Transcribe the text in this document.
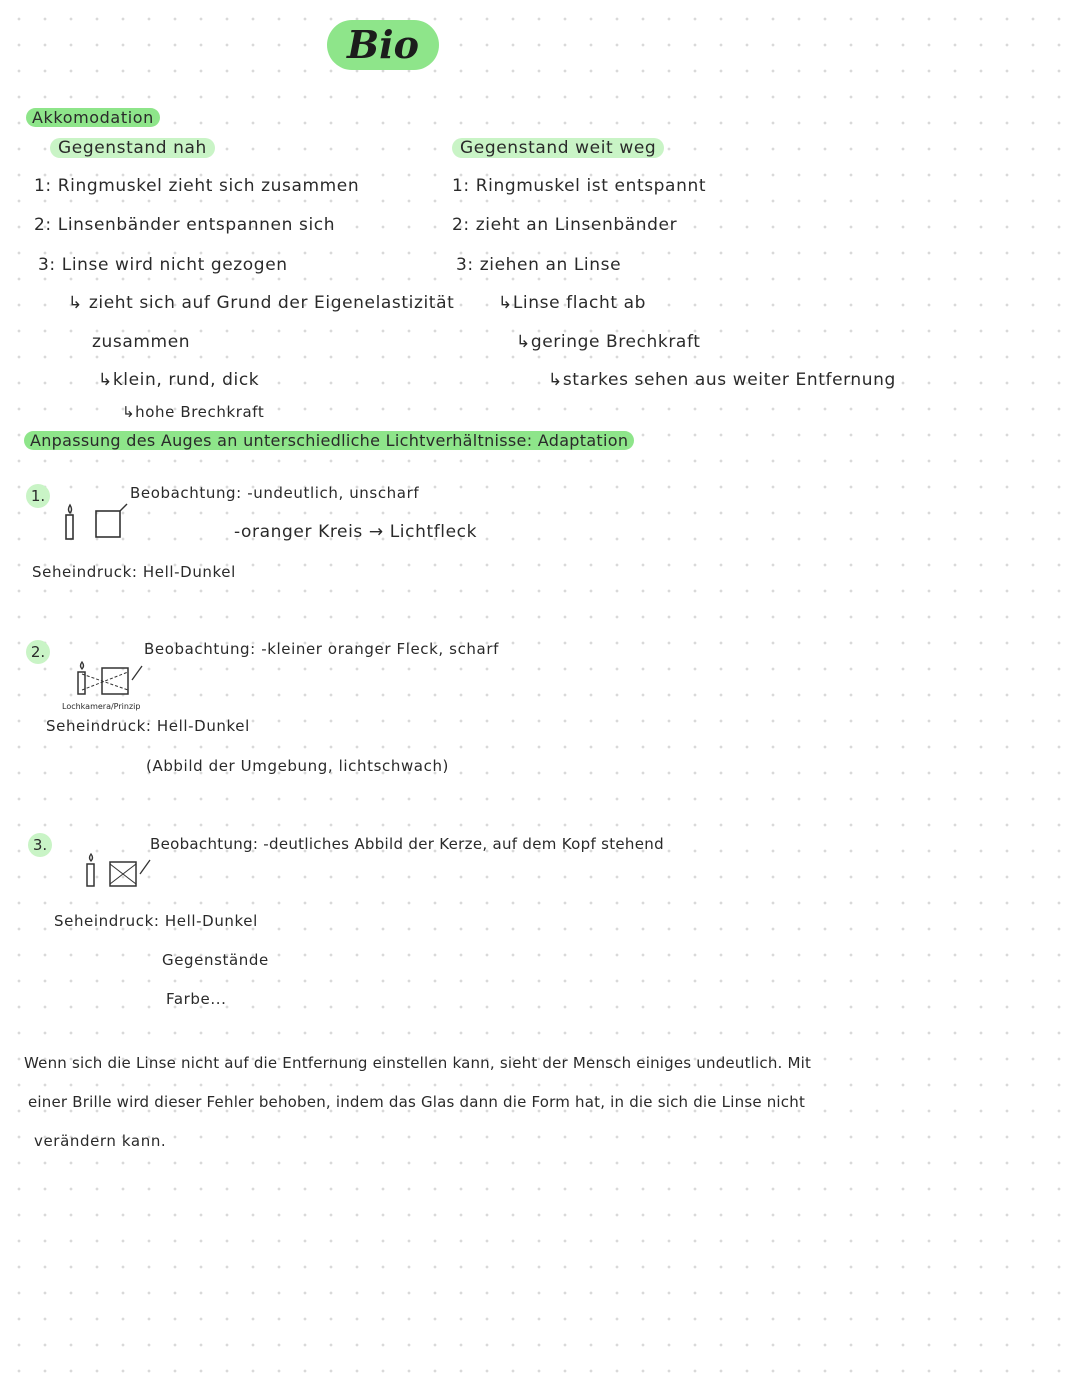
Bio
Akkomodation
Gegenstand nah
1: Ringmuskel zieht sich zusammen
2: Linsenbänder entspannen sich
3: Linse wird nicht gezogen
↳ zieht sich auf Grund der Eigenelastizität
zusammen
↳klein, rund, dick
↳hohe Brechkraft
Gegenstand weit weg
1: Ringmuskel ist entspannt
2: zieht an Linsenbänder
3: ziehen an Linse
↳Linse flacht ab
↳geringe Brechkraft
↳starkes sehen aus weiter Entfernung
Anpassung des Auges an unterschiedliche Lichtverhältnisse: Adaptation
1.	Beobachtung: -undeutlich, unscharf
-oranger Kreis → Lichtfleck
Seheindruck: Hell-Dunkel
2.
Lochkamera/Prinzip
Beobachtung: -kleiner oranger Fleck, scharf
Seheindruck: Hell-Dunkel
(Abbild der Umgebung, lichtschwach)
3.	Beobachtung: -deutliches Abbild der Kerze, auf dem Kopf stehend
Seheindruck: Hell-Dunkel
Gegenstände
Farbe...
Wenn sich die Linse nicht auf die Entfernung einstellen kann, sieht der Mensch einiges undeutlich. Mit
einer Brille wird dieser Fehler behoben, indem das Glas dann die Form hat, in die sich die Linse nicht
verändern kann.
